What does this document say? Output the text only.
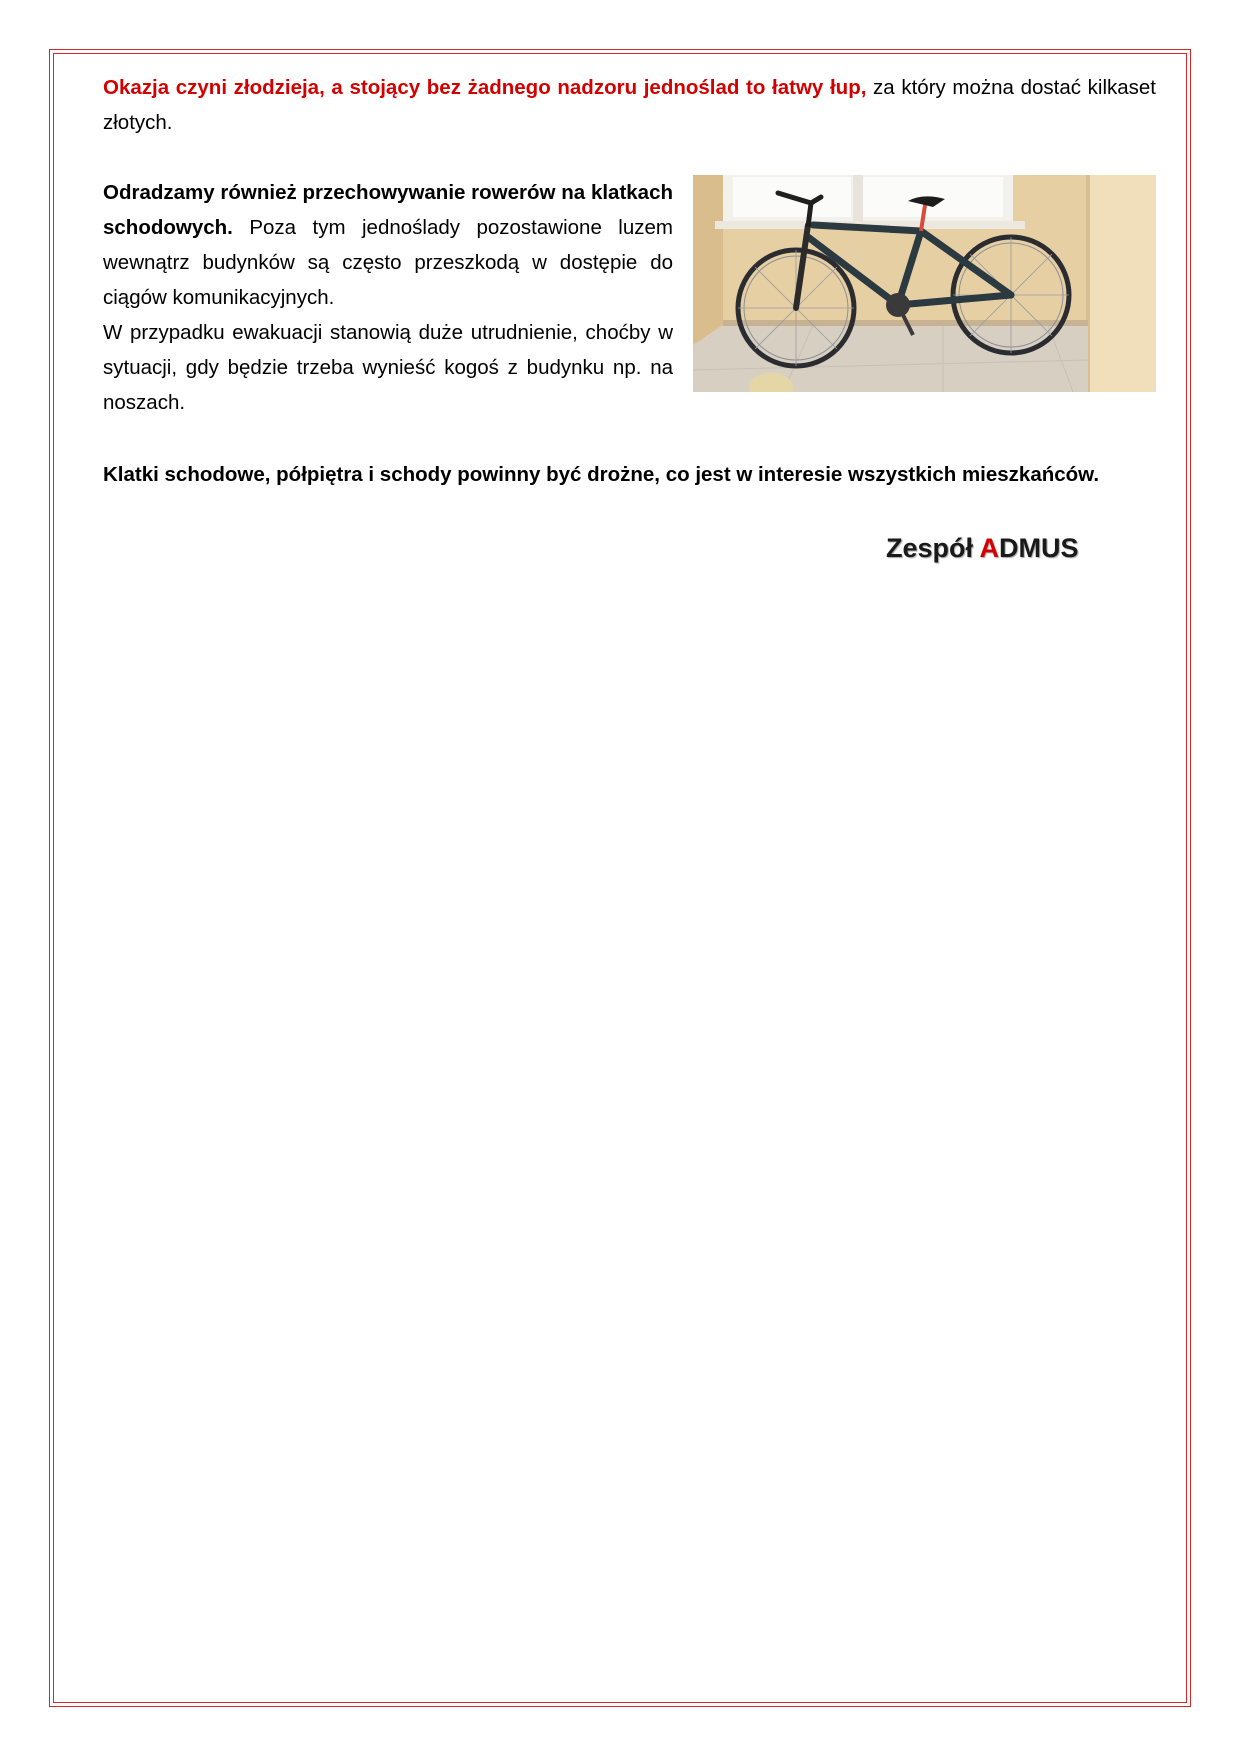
Okazja czyni złodzieja, a stojący bez żadnego nadzoru jednoślad to łatwy łup, za który można dostać kilkaset złotych.

Odradzamy również przechowywanie rowerów na klatkach schodowych. Poza tym jednoślady pozostawione luzem wewnątrz budynków są często przeszkodą w dostępie do ciągów komunikacyjnych.

W przypadku ewakuacji stanowią duże utrudnienie, choćby w sytuacji, gdy będzie trzeba wynieść kogoś z budynku np. na noszach.

~~~

Klatki schodowe, półpiętra i schody powinny być drożne, co jest w interesie wszystkich mieszkańców.

Zespół ADMUS
